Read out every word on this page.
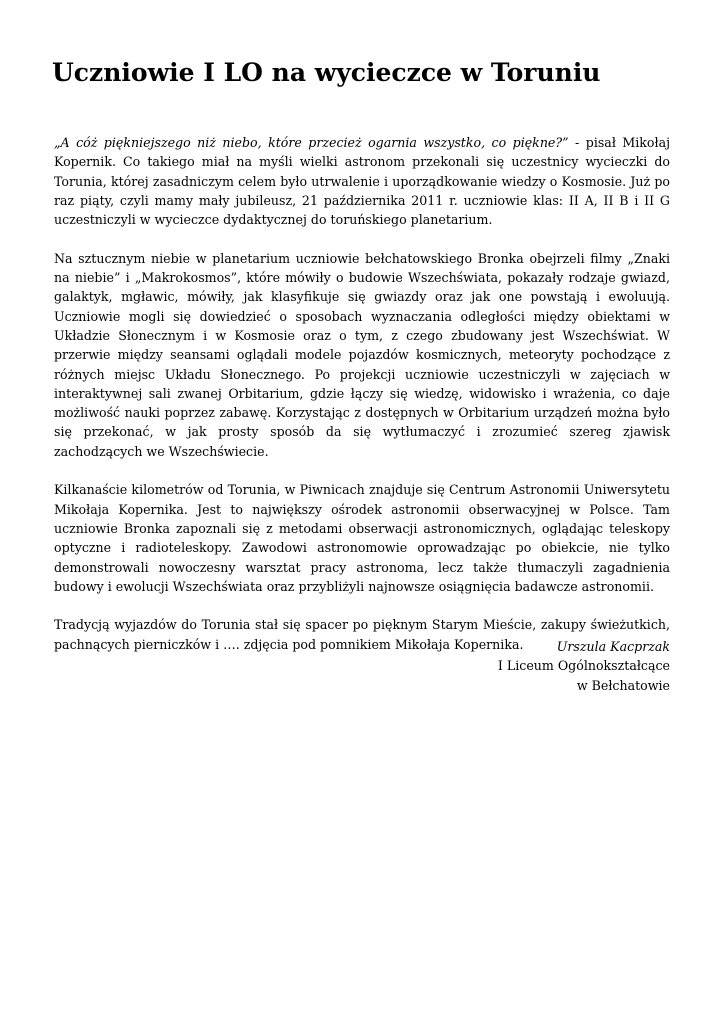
Uczniowie I LO na wycieczce w Toruniu

„A cóż piękniejszego niż niebo, które przecież ogarnia wszystko, co piękne?” - pisał Mikołaj Kopernik. Co takiego miał na myśli wielki astronom przekonali się uczestnicy wycieczki do Torunia, której zasadniczym celem było utrwalenie i uporządkowanie wiedzy o Kosmosie. Już po raz piąty, czyli mamy mały jubileusz, 21 października 2011 r. uczniowie klas: II A, II B i II G uczestniczyli w wycieczce dydaktycznej do toruńskiego planetarium.

Na sztucznym niebie w planetarium uczniowie bełchatowskiego Bronka obejrzeli filmy „Znaki na niebie” i „Makrokosmos”, które mówiły o budowie Wszechświata, pokazały rodzaje gwiazd, galaktyk, mgławic, mówiły, jak klasyfikuje się gwiazdy oraz jak one powstają i ewoluują. Uczniowie mogli się dowiedzieć o sposobach wyznaczania odległości między obiektami w Układzie Słonecznym i w Kosmosie oraz o tym, z czego zbudowany jest Wszechświat. W przerwie między seansami oglądali modele pojazdów kosmicznych, meteoryty pochodzące z różnych miejsc Układu Słonecznego. Po projekcji uczniowie uczestniczyli w zajęciach w interaktywnej sali zwanej Orbitarium, gdzie łączy się wiedzę, widowisko i wrażenia, co daje możliwość nauki poprzez zabawę. Korzystając z dostępnych w Orbitarium urządzeń można było się przekonać, w jak prosty sposób da się wytłumaczyć i zrozumieć szereg zjawisk zachodzących we Wszechświecie.

Kilkanaście kilometrów od Torunia, w Piwnicach znajduje się Centrum Astronomii Uniwersytetu Mikołaja Kopernika. Jest to największy ośrodek astronomii obserwacyjnej w Polsce. Tam uczniowie Bronka zapoznali się z metodami obserwacji astronomicznych, oglądając teleskopy optyczne i radioteleskopy. Zawodowi astronomowie oprowadzając po obiekcie, nie tylko demonstrowali nowoczesny warsztat pracy astronoma, lecz także tłumaczyli zagadnienia budowy i ewolucji Wszechświata oraz przybliżyli najnowsze osiągnięcia badawcze astronomii.

Tradycją wyjazdów do Torunia stał się spacer po pięknym Starym Mieście, zakupy świeżutkich, pachnących pierniczków i …. zdjęcia pod pomnikiem Mikołaja Kopernika.	Urszula Kacprzak
I Liceum Ogólnokształcące
w Bełchatowie
